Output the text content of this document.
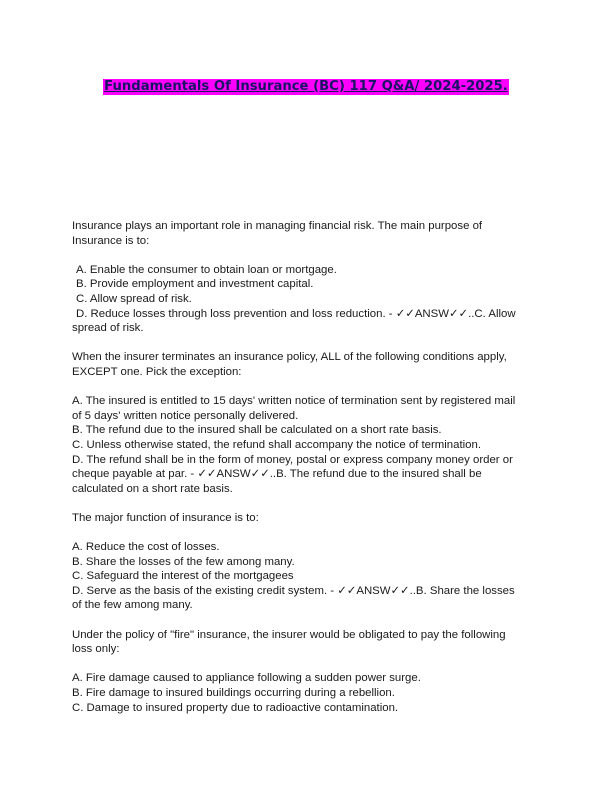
Fundamentals Of Insurance (BC) 117 Q&A/ 2024-2025.
Insurance plays an important role in managing financial risk. The main purpose of
Insurance is to:
A. Enable the consumer to obtain loan or mortgage.
B. Provide employment and investment capital.
C. Allow spread of risk.
D. Reduce losses through loss prevention and loss reduction. - ✓✓ANSW✓✓..C. Allow
spread of risk.
When the insurer terminates an insurance policy, ALL of the following conditions apply,
EXCEPT one. Pick the exception:
A. The insured is entitled to 15 days' written notice of termination sent by registered mail
of 5 days' written notice personally delivered.
B. The refund due to the insured shall be calculated on a short rate basis.
C. Unless otherwise stated, the refund shall accompany the notice of termination.
D. The refund shall be in the form of money, postal or express company money order or
cheque payable at par. - ✓✓ANSW✓✓..B. The refund due to the insured shall be
calculated on a short rate basis.
The major function of insurance is to:
A. Reduce the cost of losses.
B. Share the losses of the few among many.
C. Safeguard the interest of the mortgagees
D. Serve as the basis of the existing credit system. - ✓✓ANSW✓✓..B. Share the losses
of the few among many.
Under the policy of "fire" insurance, the insurer would be obligated to pay the following
loss only:
A. Fire damage caused to appliance following a sudden power surge.
B. Fire damage to insured buildings occurring during a rebellion.
C. Damage to insured property due to radioactive contamination.
